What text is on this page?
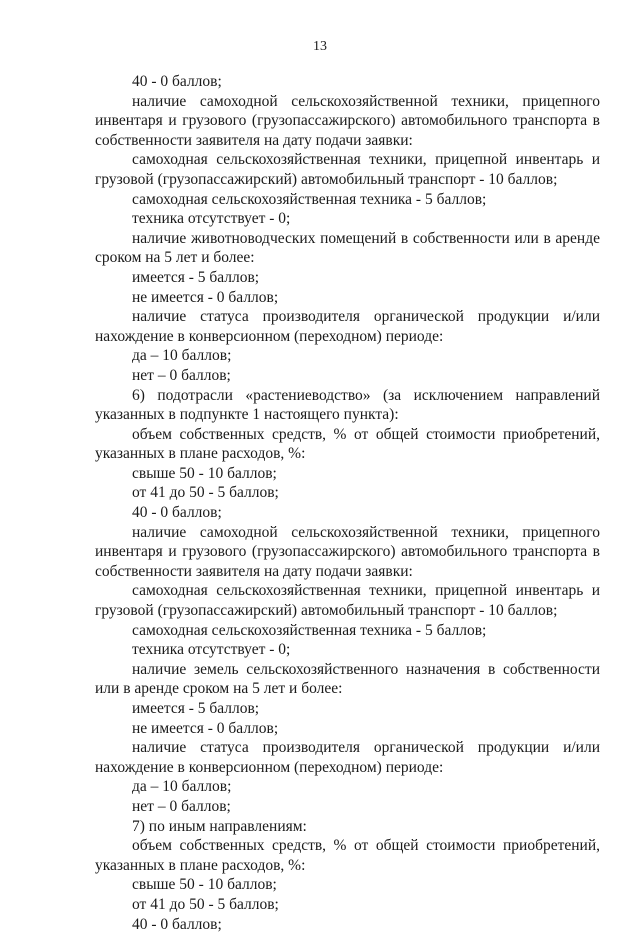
13

40 - 0 баллов;

наличие самоходной сельскохозяйственной техники, прицепного инвентаря и грузового (грузопассажирского) автомобильного транспорта в собственности заявителя на дату подачи заявки:

самоходная сельскохозяйственная техники, прицепной инвентарь и грузовой (грузопассажирский) автомобильный транспорт - 10 баллов;

самоходная сельскохозяйственная техника - 5 баллов;

техника отсутствует - 0;

наличие животноводческих помещений в собственности или в аренде сроком на 5 лет и более:

имеется - 5 баллов;

не имеется - 0 баллов;

наличие статуса производителя органической продукции и/или нахождение в конверсионном (переходном) периоде:

да – 10 баллов;

нет – 0 баллов;

6) подотрасли «растениеводство» (за исключением направлений указанных в подпункте 1 настоящего пункта):

объем собственных средств, % от общей стоимости приобретений, указанных в плане расходов, %:

свыше 50 - 10 баллов;

от 41 до 50 - 5 баллов;

40 - 0 баллов;

наличие самоходной сельскохозяйственной техники, прицепного инвентаря и грузового (грузопассажирского) автомобильного транспорта в собственности заявителя на дату подачи заявки:

самоходная сельскохозяйственная техники, прицепной инвентарь и грузовой (грузопассажирский) автомобильный транспорт - 10 баллов;

самоходная сельскохозяйственная техника - 5 баллов;

техника отсутствует - 0;

наличие земель сельскохозяйственного назначения в собственности или в аренде сроком на 5 лет и более:

имеется - 5 баллов;

не имеется - 0 баллов;

наличие статуса производителя органической продукции и/или нахождение в конверсионном (переходном) периоде:

да – 10 баллов;

нет – 0 баллов;

7) по иным направлениям:

объем собственных средств, % от общей стоимости приобретений, указанных в плане расходов, %:

свыше 50 - 10 баллов;

от 41 до 50 - 5 баллов;

40 - 0 баллов;
